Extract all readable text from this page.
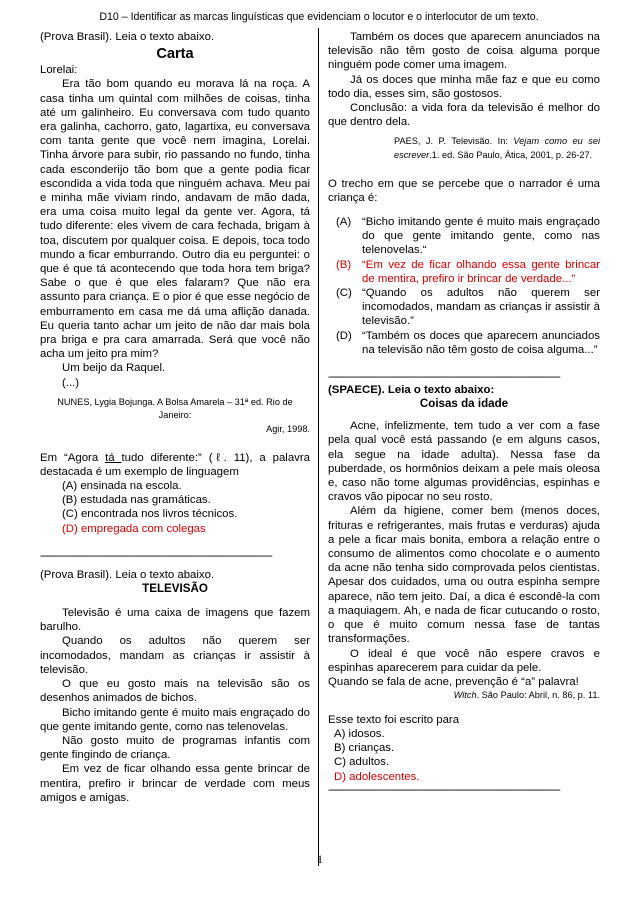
D10 – Identificar as marcas linguísticas que evidenciam o locutor e o interlocutor de um texto.

(Prova Brasil). Leia o texto abaixo.

Carta

Lorelai:

Era tão bom quando eu morava lá na roça. A casa tinha um quintal com milhões de coisas, tinha até um galinheiro. Eu conversava com tudo quanto era galinha, cachorro, gato, lagartixa, eu conversava com tanta gente que você nem imagina, Lorelai. Tinha árvore para subir, rio passando no fundo, tinha cada esconderijo tão bom que a gente podia ficar escondida a vida toda que ninguém achava. Meu pai e minha mãe viviam rindo, andavam de mão dada, era uma coisa muito legal da gente ver. Agora, tá tudo diferente: eles vivem de cara fechada, brigam à toa, discutem por qualquer coisa. E depois, toca todo mundo a ficar emburrando. Outro dia eu perguntei: o que é que tá acontecendo que toda hora tem briga? Sabe o que é que eles falaram? Que não era assunto para criança. E o pior é que esse negócio de emburramento em casa me dá uma aflição danada. Eu queria tanto achar um jeito de não dar mais bola pra briga e pra cara amarrada. Será que você não acha um jeito pra mim?

Um beijo da Raquel.

(...)

NUNES, Lygia Bojunga. A Bolsa Amarela – 31ª ed. Rio de Janeiro:

Agir, 1998.

Em “Agora tá tudo diferente:” (ℓ. 11), a palavra destacada é um exemplo de linguagem

(A) ensinada na escola.

(B) estudada nas gramáticas.

(C) encontrada nos livros técnicos.

(D) empregada com colegas

----------------------------------------------------------------------------------------------

(Prova Brasil). Leia o texto abaixo.

TELEVISÃO

Televisão é uma caixa de imagens que fazem barulho.

Quando os adultos não querem ser incomodados, mandam as crianças ir assistir à televisão.

O que eu gosto mais na televisão são os desenhos animados de bichos.

Bicho imitando gente é muito mais engraçado do que gente imitando gente, como nas telenovelas.

Não gosto muito de programas infantis com gente fingindo de criança.

Em vez de ficar olhando essa gente brincar de mentira, prefiro ir brincar de verdade com meus amigos e amigas.

Também os doces que aparecem anunciados na televisão não têm gosto de coisa alguma porque ninguém pode comer uma imagem.

Já os doces que minha mãe faz e que eu como todo dia, esses sim, são gostosos.

Conclusão: a vida fora da televisão é melhor do que dentro dela.

PAES, J. P. Televisão. In: Vejam como eu sei escrever.1. ed. São Paulo, Ática, 2001, p. 26-27.

O trecho em que se percebe que o narrador é uma criança é:

(A) “Bicho imitando gente é muito mais engraçado do que gente imitando gente, como nas telenovelas.“
(B) “Em vez de ficar olhando essa gente brincar de mentira, prefiro ir brincar de verdade...”
(C) “Quando os adultos não querem ser incomodados, mandam as crianças ir assistir à televisão.”
(D) “Também os doces que aparecem anunciados na televisão não têm gosto de coisa alguma...”
----------------------------------------------------------------------------------------------

(SPAECE). Leia o texto abaixo:

Coisas da idade

Acne, infelizmente, tem tudo a ver com a fase pela qual você está passando (e em alguns casos, ela segue na idade adulta). Nessa fase da puberdade, os hormônios deixam a pele mais oleosa e, caso não tome algumas providências, espinhas e cravos vão pipocar no seu rosto.

Além da higiene, comer bem (menos doces, frituras e refrigerantes, mais frutas e verduras) ajuda a pele a ficar mais bonita, embora a relação entre o consumo de alimentos como chocolate e o aumento da acne não tenha sido comprovada pelos cientistas. Apesar dos cuidados, uma ou outra espinha sempre aparece, não tem jeito. Daí, a dica é escondê-la com a maquiagem. Ah, e nada de ficar cutucando o rosto, o que é muito comum nessa fase de tantas transformações.

O ideal é que você não espere cravos e espinhas aparecerem para cuidar da pele.

Quando se fala de acne, prevenção é “a” palavra!

Witch. São Paulo: Abril, n. 86, p. 11.

Esse texto foi escrito para

A) idosos.

B) crianças.

C) adultos.

D) adolescentes.

----------------------------------------------------------------------------------------------
1
